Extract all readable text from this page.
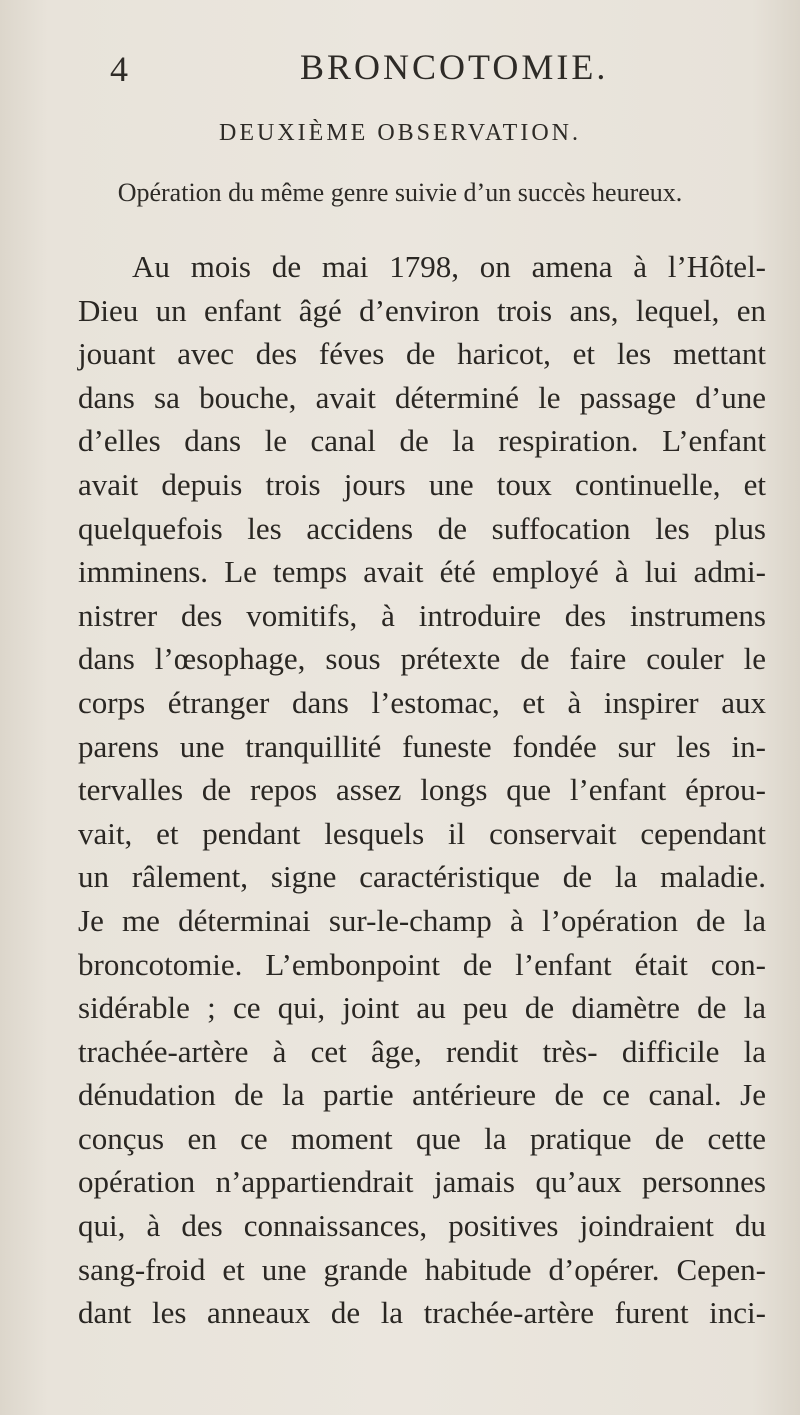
4	BRONCOTOMIE.
DEUXIÈME OBSERVATION.
Opération du même genre suivie d’un succès heureux.
Au mois de mai 1798, on amena à l’Hôtel-
Dieu un enfant âgé d’environ trois ans, lequel, en
jouant avec des féves de haricot, et les mettant
dans sa bouche, avait déterminé le passage d’une
d’elles dans le canal de la respiration. L’enfant
avait depuis trois jours une toux continuelle, et
quelquefois les accidens de suffocation les plus
imminens. Le temps avait été employé à lui admi-
nistrer des vomitifs, à introduire des instrumens
dans l’œsophage, sous prétexte de faire couler le
corps étranger dans l’estomac, et à inspirer aux
parens une tranquillité funeste fondée sur les in-
tervalles de repos assez longs que l’enfant éprou-
vait, et pendant lesquels il conservait cependant
un râlement, signe caractéristique de la maladie.
Je me déterminai sur-le-champ à l’opération de la
broncotomie. L’embonpoint de l’enfant était con-
sidérable ; ce qui, joint au peu de diamètre de la
trachée-artère à cet âge, rendit très- difficile la
dénudation de la partie antérieure de ce canal. Je
conçus en ce moment que la pratique de cette
opération n’appartiendrait jamais qu’aux personnes
qui, à des connaissances, positives joindraient du
sang-froid et une grande habitude d’opérer. Cepen-
dant les anneaux de la trachée-artère furent inci-
